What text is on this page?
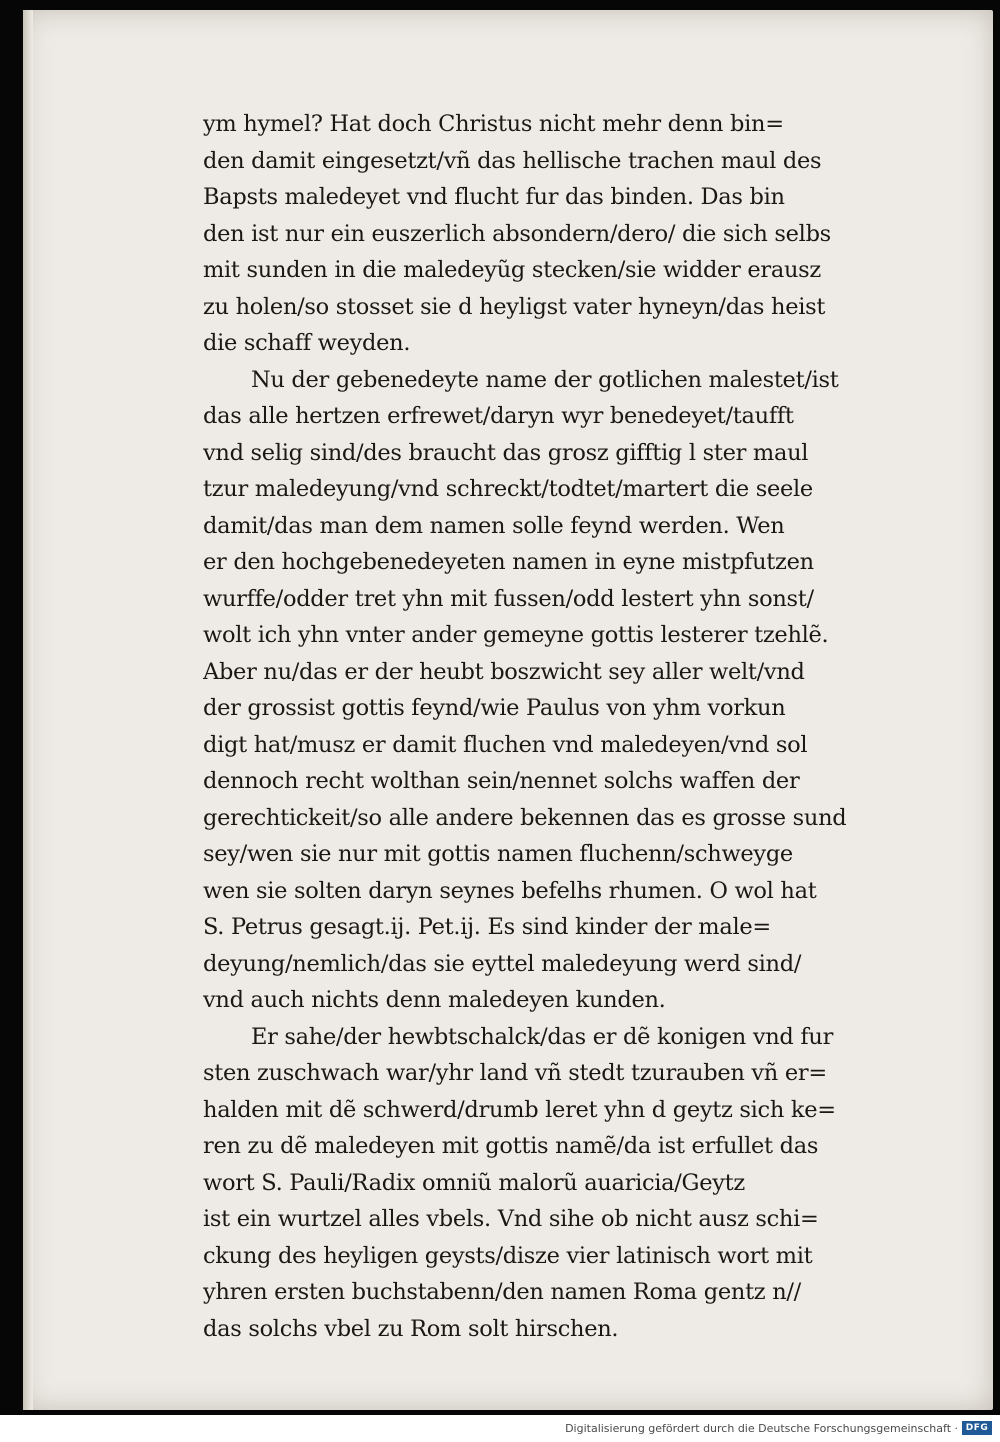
ym hymel? Hat doch Christus nicht mehr denn bin=
den damit eingesetzt/vñ das hellische trachen maul des
Bapsts maledeyet vnd flucht fur das binden. Das bin
den ist nur ein euszerlich absondern/dero/ die sich selbs
mit sunden in die maledeyũg stecken/sie widder erausz
zu holen/so stosset sie d heyligst vater hyneyn/das heist
die schaff weyden.
Nu der gebenedeyte name der gotlichen malestet/ist
das alle hertzen erfrewet/daryn wyr benedeyet/taufft
vnd selig sind/des braucht das grosz gifftig l ster maul
tzur maledeyung/vnd schreckt/todtet/martert die seele
damit/das man dem namen solle feynd werden. Wen
er den hochgebenedeyeten namen in eyne mistpfutzen
wurffe/odder tret yhn mit fussen/odd lestert yhn sonst/
wolt ich yhn vnter ander gemeyne gottis lesterer tzehlẽ.
Aber nu/das er der heubt boszwicht sey aller welt/vnd
der grossist gottis feynd/wie Paulus von yhm vorkun
digt hat/musz er damit fluchen vnd maledeyen/vnd sol
dennoch recht wolthan sein/nennet solchs waffen der
gerechtickeit/so alle andere bekennen das es grosse sund
sey/wen sie nur mit gottis namen fluchenn/schweyge
wen sie solten daryn seynes befelhs rhumen. O wol hat
S. Petrus gesagt.ij. Pet.ij. Es sind kinder der male=
deyung/nemlich/das sie eyttel maledeyung werd sind/
vnd auch nichts denn maledeyen kunden.
Er sahe/der hewbtschalck/das er dẽ konigen vnd fur
sten zuschwach war/yhr land vñ stedt tzurauben vñ er=
halden mit dẽ schwerd/drumb leret yhn d geytz sich ke=
ren zu dẽ maledeyen mit gottis namẽ/da ist erfullet das
wort S. Pauli/Radix omniũ malorũ auaricia/Geytz
ist ein wurtzel alles vbels. Vnd sihe ob nicht ausz schi=
ckung des heyligen geysts/disze vier latinisch wort mit
yhren ersten buchstabenn/den namen Roma gentz n//
das solchs vbel zu Rom solt hirschen.
Digitalisierung gefördert durch die Deutsche Forschungsgemeinschaft · DFG
